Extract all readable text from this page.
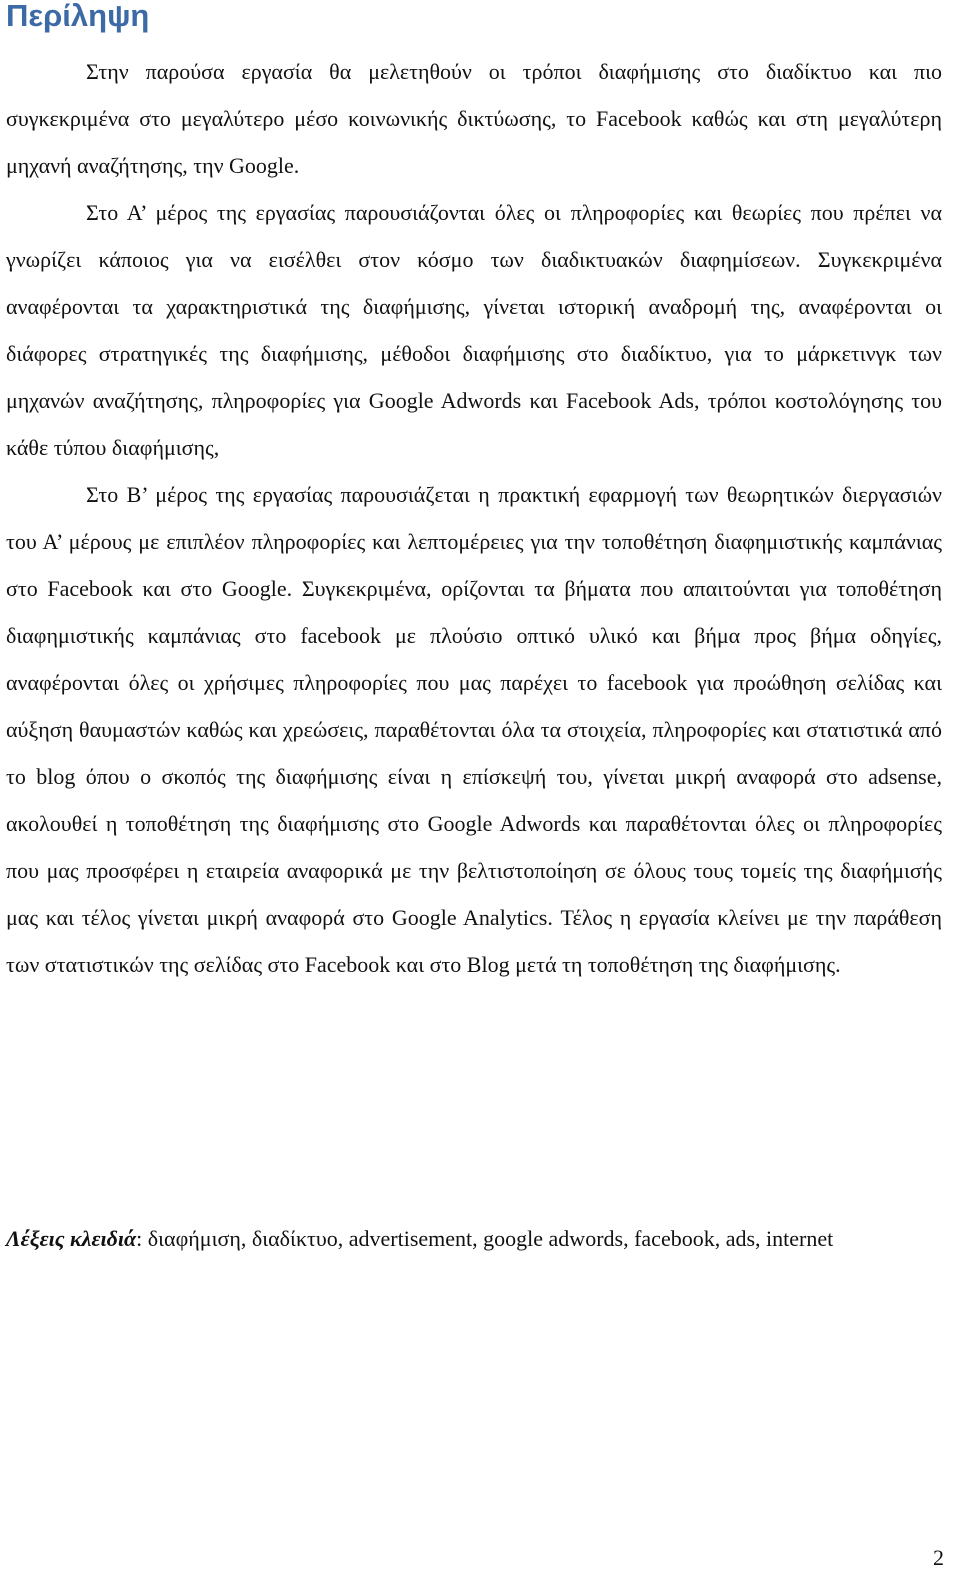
Περίληψη

Στην παρούσα εργασία θα μελετηθούν οι τρόποι διαφήμισης στο διαδίκτυο και πιο συγκεκριμένα στο μεγαλύτερο μέσο κοινωνικής δικτύωσης, το Facebook καθώς και στη μεγαλύτερη μηχανή αναζήτησης, την Google.

Στο Α’ μέρος της εργασίας παρουσιάζονται όλες οι πληροφορίες και θεωρίες που πρέπει να γνωρίζει κάποιος για να εισέλθει στον κόσμο των διαδικτυακών διαφημίσεων. Συγκεκριμένα αναφέρονται τα χαρακτηριστικά της διαφήμισης, γίνεται ιστορική αναδρομή της, αναφέρονται οι διάφορες στρατηγικές της διαφήμισης, μέθοδοι διαφήμισης στο διαδίκτυο, για το μάρκετινγκ των μηχανών αναζήτησης, πληροφορίες για Google Adwords και Facebook Ads, τρόποι κοστολόγησης του κάθε τύπου διαφήμισης,

Στο Β’ μέρος της εργασίας παρουσιάζεται η πρακτική εφαρμογή των θεωρητικών διεργασιών του Α’ μέρους με επιπλέον πληροφορίες και λεπτομέρειες για την τοποθέτηση διαφημιστικής καμπάνιας στο Facebook και στο Google. Συγκεκριμένα, ορίζονται τα βήματα που απαιτούνται για τοποθέτηση διαφημιστικής καμπάνιας στο facebook με πλούσιο οπτικό υλικό και βήμα προς βήμα οδηγίες, αναφέρονται όλες οι χρήσιμες πληροφορίες που μας παρέχει το facebook για προώθηση σελίδας και αύξηση θαυμαστών καθώς και χρεώσεις, παραθέτονται όλα τα στοιχεία, πληροφορίες και στατιστικά από το blog όπου ο σκοπός της διαφήμισης είναι η επίσκεψή του, γίνεται μικρή αναφορά στο adsense, ακολουθεί η τοποθέτηση της διαφήμισης στο Google Adwords και παραθέτονται όλες οι πληροφορίες που μας προσφέρει η εταιρεία αναφορικά με την βελτιστοποίηση σε όλους τους τομείς της διαφήμισής μας και τέλος γίνεται μικρή αναφορά στο Google Analytics. Τέλος η εργασία κλείνει με την παράθεση των στατιστικών της σελίδας στο Facebook και στο Blog μετά τη τοποθέτηση της διαφήμισης.

Λέξεις κλειδιά: διαφήμιση, διαδίκτυο, advertisement, google adwords, facebook, ads, internet

2
